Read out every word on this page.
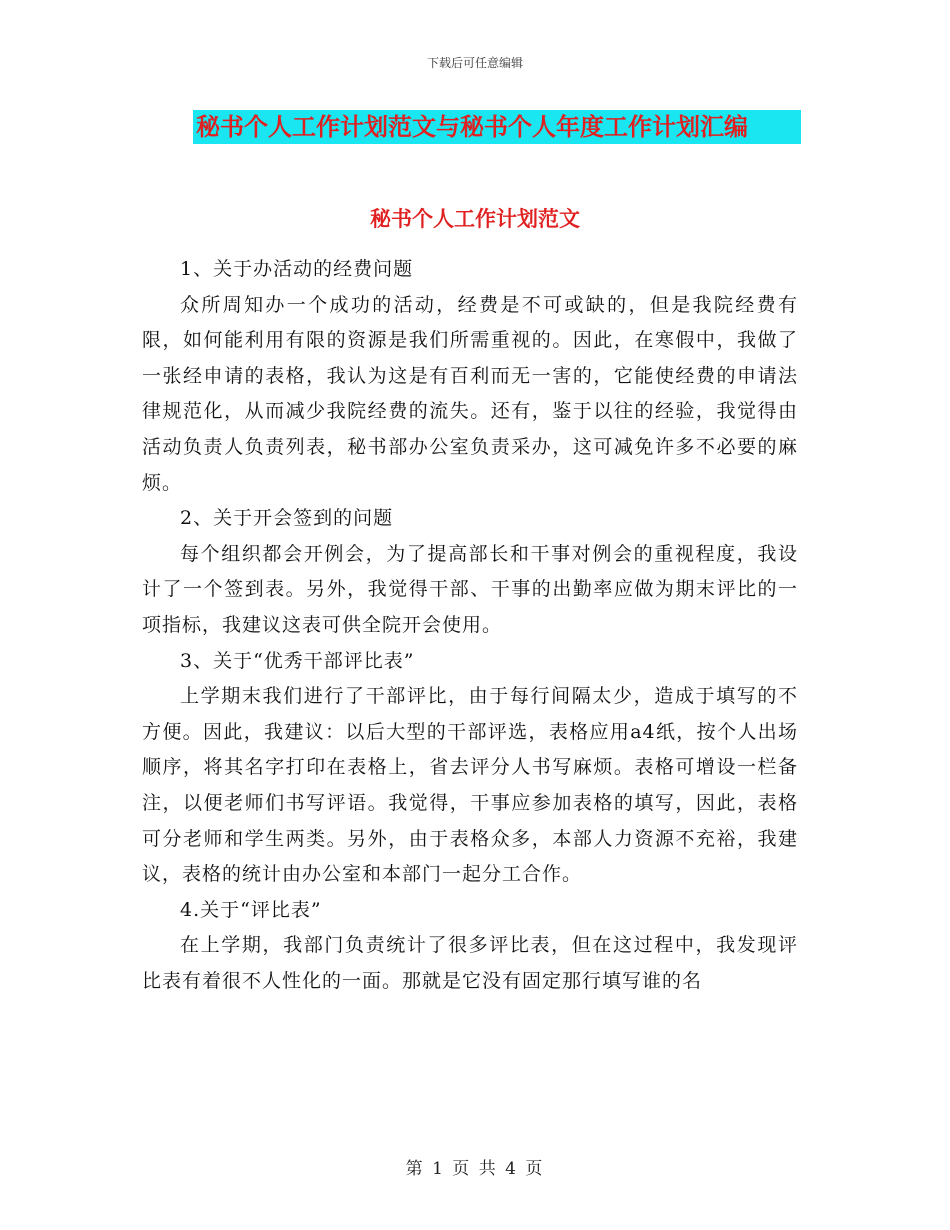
下载后可任意编辑
秘书个人工作计划范文与秘书个人年度工作计划汇编
秘书个人工作计划范文

1、关于办活动的经费问题

众所周知办一个成功的活动，经费是不可或缺的，但是我院经费有限，如何能利用有限的资源是我们所需重视的。因此，在寒假中，我做了一张经申请的表格，我认为这是有百利而无一害的，它能使经费的申请法律规范化，从而减少我院经费的流失。还有，鉴于以往的经验，我觉得由活动负责人负责列表，秘书部办公室负责采办，这可减免许多不必要的麻烦。

2、关于开会签到的问题

每个组织都会开例会，为了提高部长和干事对例会的重视程度，我设计了一个签到表。另外，我觉得干部、干事的出勤率应做为期末评比的一项指标，我建议这表可供全院开会使用。

3、关于“优秀干部评比表”

上学期末我们进行了干部评比，由于每行间隔太少，造成于填写的不方便。因此，我建议：以后大型的干部评选，表格应用a4纸，按个人出场顺序，将其名字打印在表格上，省去评分人书写麻烦。表格可增设一栏备注，以便老师们书写评语。我觉得，干事应参加表格的填写，因此，表格可分老师和学生两类。另外，由于表格众多，本部人力资源不充裕，我建议，表格的统计由办公室和本部门一起分工合作。

4.关于“评比表”

在上学期，我部门负责统计了很多评比表，但在这过程中，我发现评比表有着很不人性化的一面。那就是它没有固定那行填写谁的名

第 1 页 共 4 页
